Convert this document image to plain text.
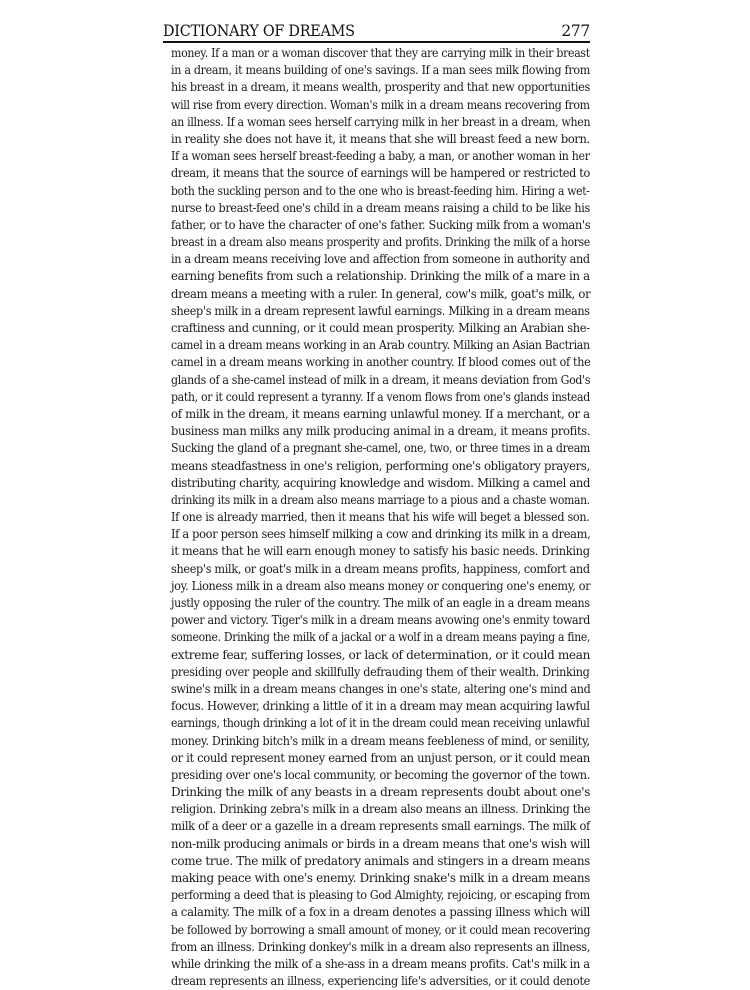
DICTIONARY OF DREAMS	277
money. If a man or a woman discover that they are carrying milk in their breast
in a dream, it means building of one's savings. If a man sees milk flowing from
his breast in a dream, it means wealth, prosperity and that new opportunities
will rise from every direction. Woman's milk in a dream means recovering from
an illness. If a woman sees herself carrying milk in her breast in a dream, when
in reality she does not have it, it means that she will breast feed a new born.
If a woman sees herself breast-feeding a baby, a man, or another woman in her
dream, it means that the source of earnings will be hampered or restricted to
both the suckling person and to the one who is breast-feeding him. Hiring a wet-
nurse to breast-feed one's child in a dream means raising a child to be like his
father, or to have the character of one's father. Sucking milk from a woman's
breast in a dream also means prosperity and profits. Drinking the milk of a horse
in a dream means receiving love and affection from someone in authority and
earning benefits from such a relationship. Drinking the milk of a mare in a
dream means a meeting with a ruler. In general, cow's milk, goat's milk, or
sheep's milk in a dream represent lawful earnings. Milking in a dream means
craftiness and cunning, or it could mean prosperity. Milking an Arabian she-
camel in a dream means working in an Arab country. Milking an Asian Bactrian
camel in a dream means working in another country. If blood comes out of the
glands of a she-camel instead of milk in a dream, it means deviation from God's
path, or it could represent a tyranny. If a venom flows from one's glands instead
of milk in the dream, it means earning unlawful money. If a merchant, or a
business man milks any milk producing animal in a dream, it means profits.
Sucking the gland of a pregnant she-camel, one, two, or three times in a dream
means steadfastness in one's religion, performing one's obligatory prayers,
distributing charity, acquiring knowledge and wisdom. Milking a camel and
drinking its milk in a dream also means marriage to a pious and a chaste woman.
If one is already married, then it means that his wife will beget a blessed son.
If a poor person sees himself milking a cow and drinking its milk in a dream,
it means that he will earn enough money to satisfy his basic needs. Drinking
sheep's milk, or goat's milk in a dream means profits, happiness, comfort and
joy. Lioness milk in a dream also means money or conquering one's enemy, or
justly opposing the ruler of the country. The milk of an eagle in a dream means
power and victory. Tiger's milk in a dream means avowing one's enmity toward
someone. Drinking the milk of a jackal or a wolf in a dream means paying a fine,
extreme fear, suffering losses, or lack of determination, or it could mean
presiding over people and skillfully defrauding them of their wealth. Drinking
swine's milk in a dream means changes in one's state, altering one's mind and
focus. However, drinking a little of it in a dream may mean acquiring lawful
earnings, though drinking a lot of it in the dream could mean receiving unlawful
money. Drinking bitch's milk in a dream means feebleness of mind, or senility,
or it could represent money earned from an unjust person, or it could mean
presiding over one's local community, or becoming the governor of the town.
Drinking the milk of any beasts in a dream represents doubt about one's
religion. Drinking zebra's milk in a dream also means an illness. Drinking the
milk of a deer or a gazelle in a dream represents small earnings. The milk of
non-milk producing animals or birds in a dream means that one's wish will
come true. The milk of predatory animals and stingers in a dream means
making peace with one's enemy. Drinking snake's milk in a dream means
performing a deed that is pleasing to God Almighty, rejoicing, or escaping from
a calamity. The milk of a fox in a dream denotes a passing illness which will
be followed by borrowing a small amount of money, or it could mean recovering
from an illness. Drinking donkey's milk in a dream also represents an illness,
while drinking the milk of a she-ass in a dream means profits. Cat's milk in a
dream represents an illness, experiencing life's adversities, or it could denote
